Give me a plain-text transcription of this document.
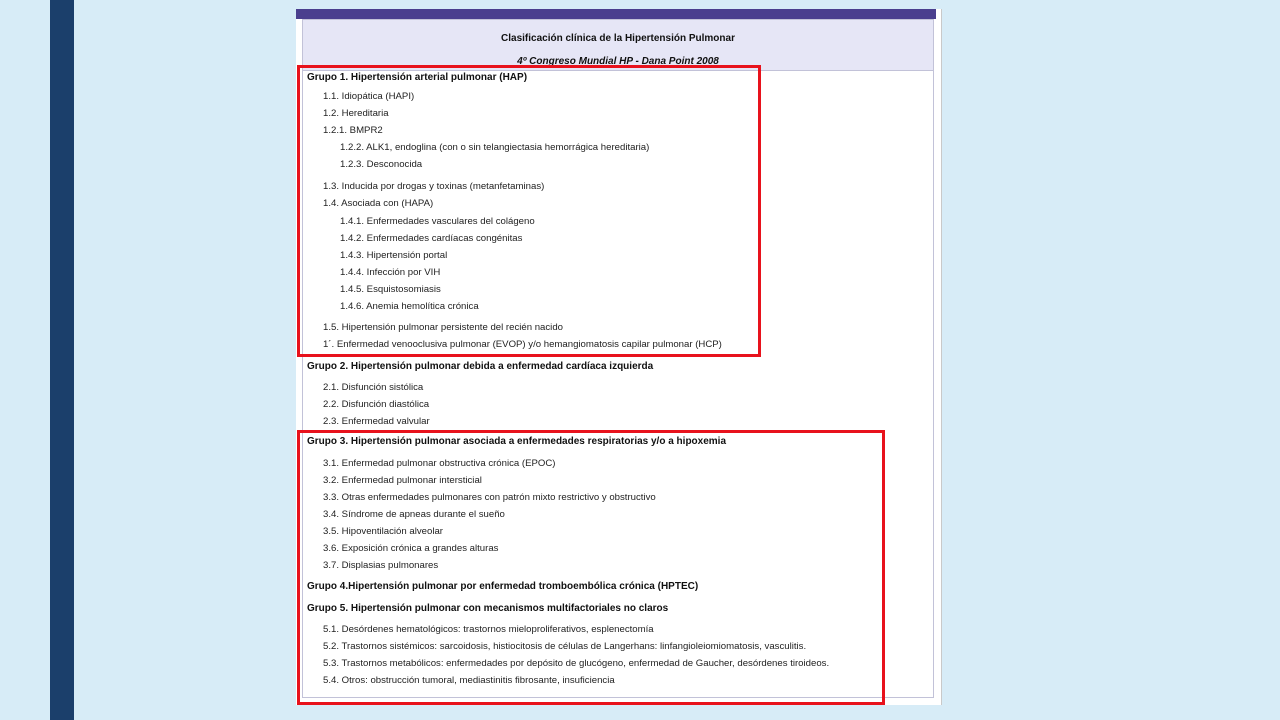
Clasificación clínica de la Hipertensión Pulmonar
4º Congreso Mundial HP - Dana Point 2008
Grupo 1. Hipertensión arterial pulmonar (HAP)
1.1. Idiopática (HAPI)
1.2. Hereditaria
1.2.1. BMPR2
1.2.2. ALK1, endoglina (con o sin telangiectasia hemorrágica hereditaria)
1.2.3. Desconocida
1.3. Inducida por drogas y toxinas (metanfetaminas)
1.4. Asociada con (HAPA)
1.4.1. Enfermedades vasculares del colágeno
1.4.2. Enfermedades cardíacas congénitas
1.4.3. Hipertensión portal
1.4.4. Infección por VIH
1.4.5. Esquistosomiasis
1.4.6. Anemia hemolítica crónica
1.5. Hipertensión pulmonar persistente del recién nacido
1´. Enfermedad venooclusiva pulmonar (EVOP) y/o hemangiomatosis capilar pulmonar (HCP)
Grupo 2. Hipertensión pulmonar debida a enfermedad cardíaca izquierda
2.1. Disfunción sistólica
2.2. Disfunción diastólica
2.3. Enfermedad valvular
Grupo 3. Hipertensión pulmonar asociada a enfermedades respiratorias y/o a hipoxemia
3.1. Enfermedad pulmonar obstructiva crónica (EPOC)
3.2. Enfermedad pulmonar intersticial
3.3. Otras enfermedades pulmonares con patrón mixto restrictivo y obstructivo
3.4. Síndrome de apneas durante el sueño
3.5. Hipoventilación alveolar
3.6. Exposición crónica a grandes alturas
3.7. Displasias pulmonares
Grupo 4.Hipertensión pulmonar por enfermedad tromboembólica crónica (HPTEC)
Grupo 5. Hipertensión pulmonar con mecanismos multifactoriales no claros
5.1. Desórdenes hematológicos: trastornos mieloproliferativos, esplenectomía
5.2. Trastornos sistémicos: sarcoidosis, histiocitosis de células de Langerhans: linfangioleiomiomatosis, vasculitis.
5.3. Trastornos metabólicos: enfermedades por depósito de glucógeno, enfermedad de Gaucher, desórdenes tiroideos.
5.4. Otros: obstrucción tumoral, mediastinitis fibrosante, insuficiencia
